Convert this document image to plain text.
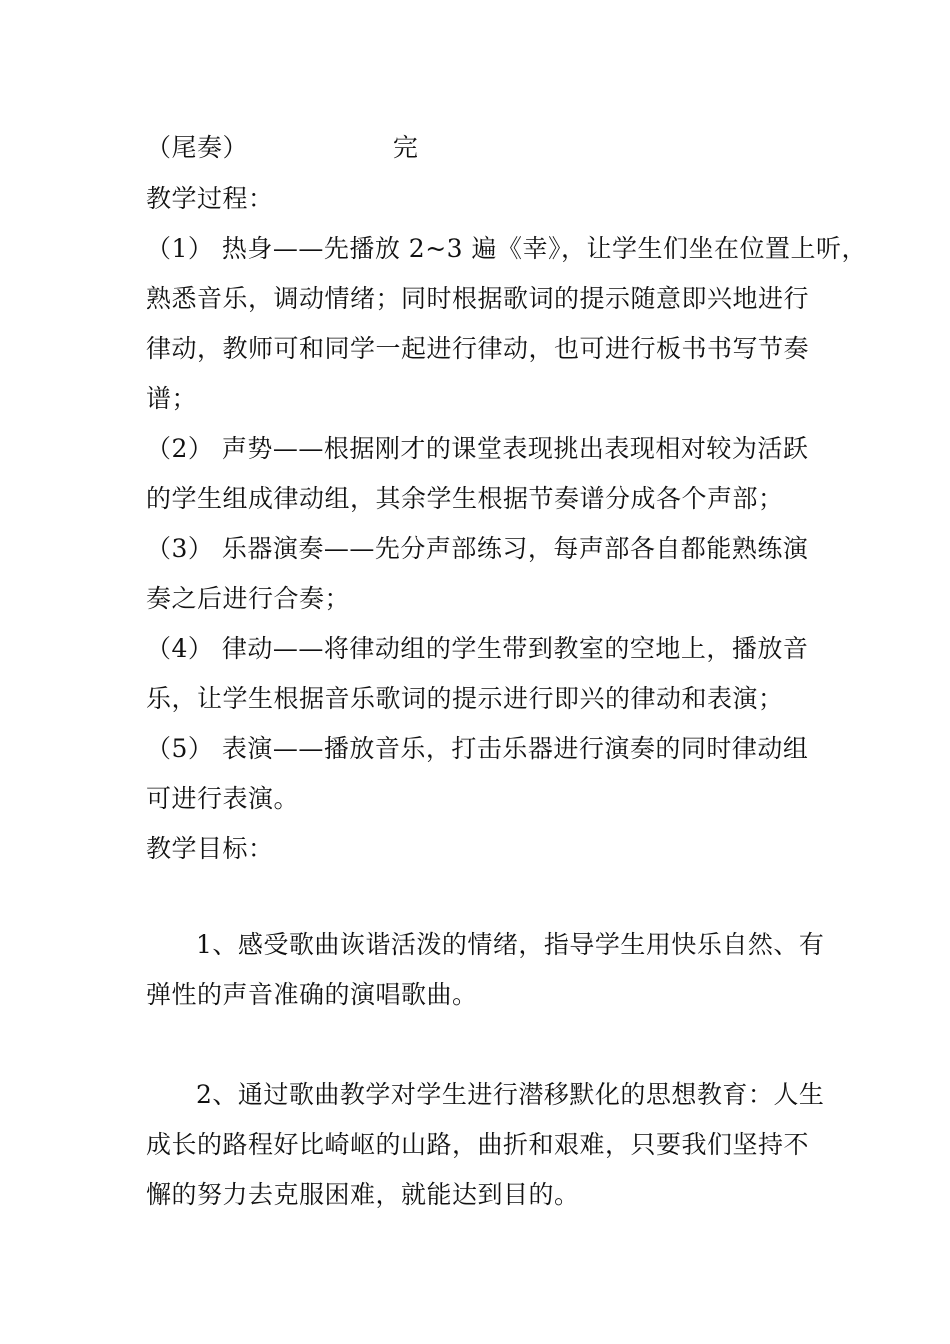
（尾奏）	完
教学过程：
（1） 热身——先播放 2~3 遍《幸》，让学生们坐在位置上听，
熟悉音乐，调动情绪；同时根据歌词的提示随意即兴地进行
律动，教师可和同学一起进行律动，也可进行板书书写节奏
谱；
（2） 声势——根据刚才的课堂表现挑出表现相对较为活跃
的学生组成律动组，其余学生根据节奏谱分成各个声部；
（3） 乐器演奏——先分声部练习，每声部各自都能熟练演
奏之后进行合奏；
（4） 律动——将律动组的学生带到教室的空地上，播放音
乐，让学生根据音乐歌词的提示进行即兴的律动和表演；
（5） 表演——播放音乐，打击乐器进行演奏的同时律动组
可进行表演。
教学目标：
1、感受歌曲诙谐活泼的情绪，指导学生用快乐自然、有
弹性的声音准确的演唱歌曲。
2、通过歌曲教学对学生进行潜移默化的思想教育：人生
成长的路程好比崎岖的山路，曲折和艰难，只要我们坚持不
懈的努力去克服困难，就能达到目的。
